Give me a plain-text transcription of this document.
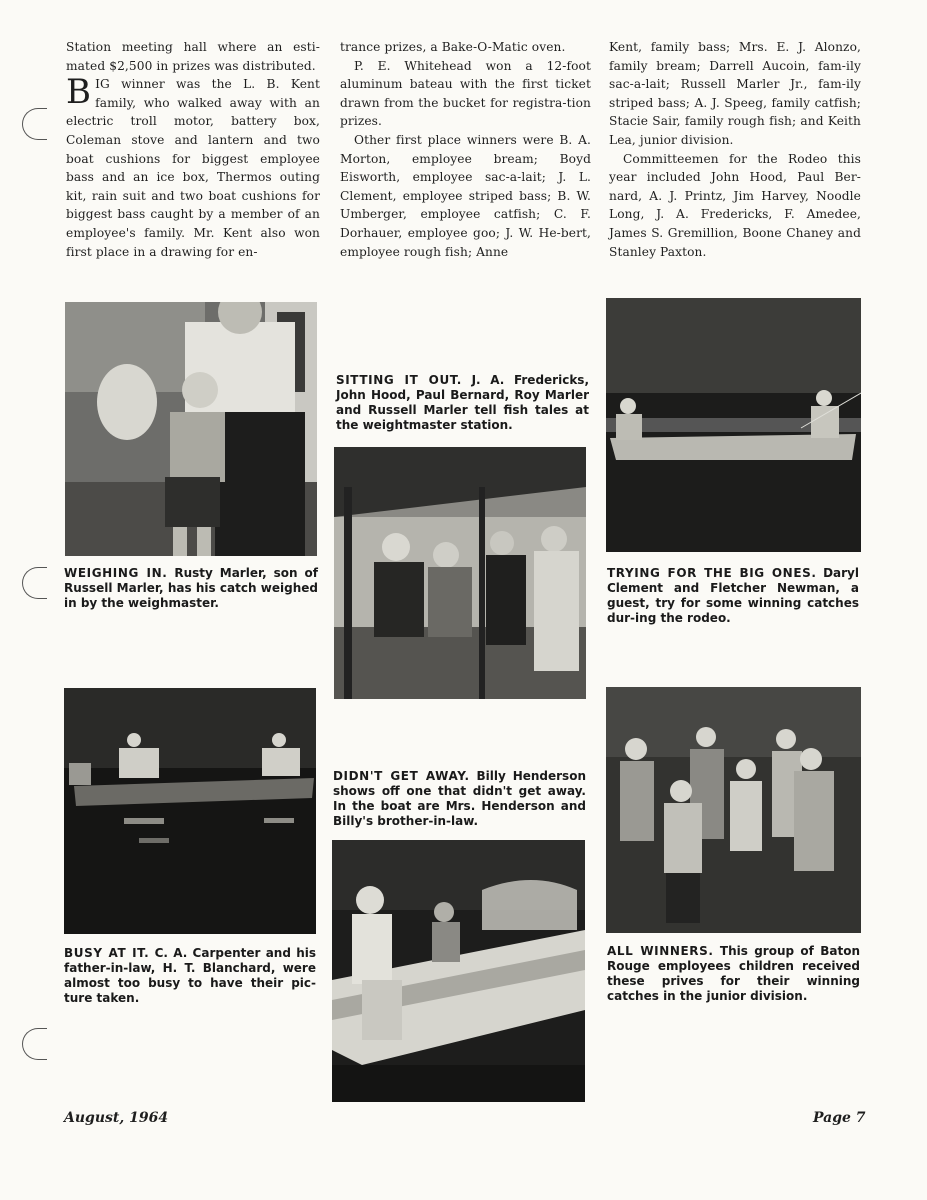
Station meeting hall where an esti-mated $2,500 in prizes was distributed.

BIG winner was the L. B. Kent family, who walked away with an electric troll motor, battery box, Coleman stove and lantern and two boat cushions for biggest employee bass and an ice box, Thermos outing kit, rain suit and two boat cushions for biggest bass caught by a member of an employee's family. Mr. Kent also won first place in a drawing for en-

trance prizes, a Bake-O-Matic oven.

P. E. Whitehead won a 12-foot aluminum bateau with the first ticket drawn from the bucket for registra-tion prizes.

Other first place winners were B. A. Morton, employee bream; Boyd Eisworth, employee sac-a-lait; J. L. Clement, employee striped bass; B. W. Umberger, employee catfish; C. F. Dorhauer, employee goo; J. W. He-bert, employee rough fish; Anne

Kent, family bass; Mrs. E. J. Alonzo, family bream; Darrell Aucoin, fam-ily sac-a-lait; Russell Marler Jr., fam-ily striped bass; A. J. Speeg, family catfish; Stacie Sair, family rough fish; and Keith Lea, junior division.

Committeemen for the Rodeo this year included John Hood, Paul Ber-nard, A. J. Printz, Jim Harvey, Noodle Long, J. A. Fredericks, F. Amedee, James S. Gremillion, Boone Chaney and Stanley Paxton.

WEIGHING IN. Rusty Marler, son of Russell Marler, has his catch weighed in by the weighmaster.
SITTING IT OUT. J. A. Fredericks, John Hood, Paul Bernard, Roy Marler and Russell Marler tell fish tales at the weightmaster station.
TRYING FOR THE BIG ONES. Daryl Clement and Fletcher Newman, a guest, try for some winning catches dur-ing the rodeo.
BUSY AT IT. C. A. Carpenter and his father-in-law, H. T. Blanchard, were almost too busy to have their pic-ture taken.
DIDN'T GET AWAY. Billy Henderson shows off one that didn't get away. In the boat are Mrs. Henderson and Billy's brother-in-law.
ALL WINNERS. This group of Baton Rouge employees children received these prives for their winning catches in the junior division.
August, 1964	Page 7
